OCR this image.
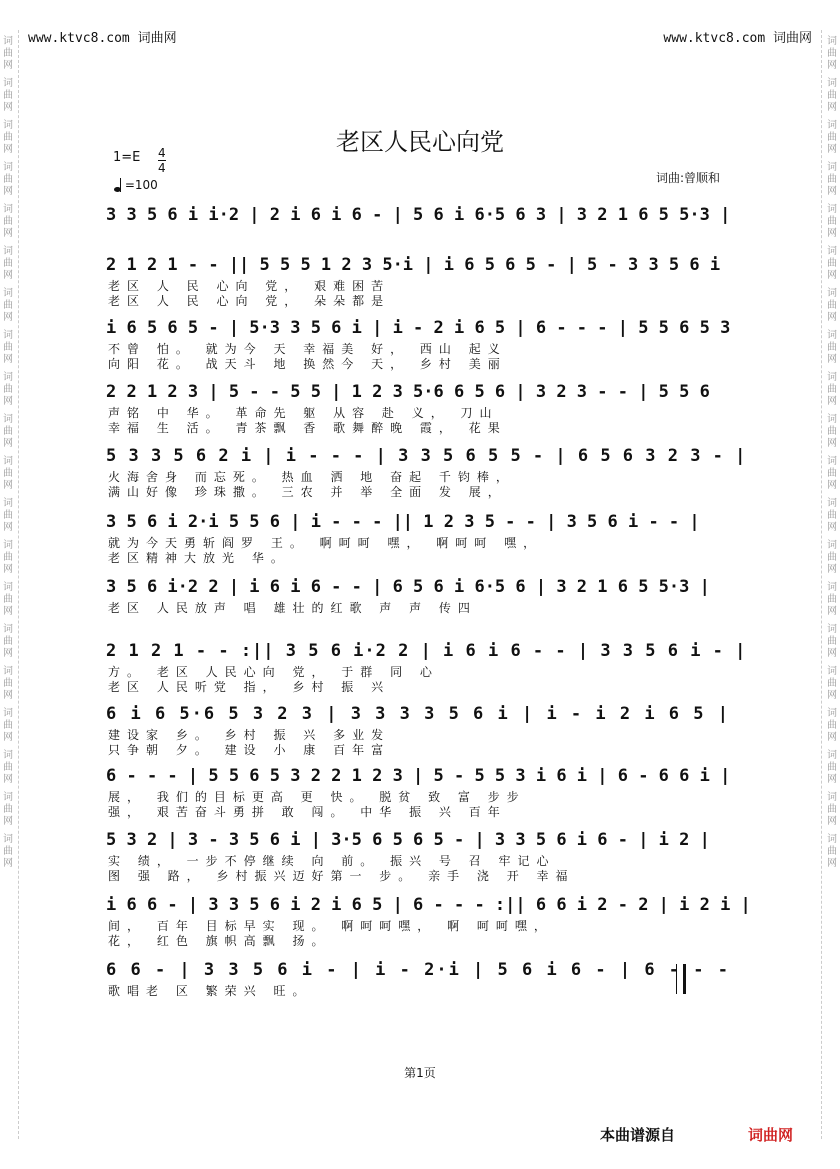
www.ktvc8.com 词曲网	www.ktvc8.com 词曲网
词曲网
词曲网
词曲网
词曲网
词曲网
词曲网
词曲网
词曲网
词曲网
词曲网
词曲网
词曲网
词曲网
词曲网
词曲网
词曲网
词曲网
词曲网
词曲网
词曲网
词曲网
词曲网
词曲网
词曲网
词曲网
词曲网
词曲网
词曲网
词曲网
词曲网
词曲网
词曲网
词曲网
词曲网
词曲网
词曲网
词曲网
词曲网
词曲网
词曲网
老区人民心向党
1=E 4
4
=100	词曲:曾顺和
3 3 5 6 i i·2 | 2 i 6 i 6 - | 5 6 i 6·5 6 3 | 3 2 1 6 5 5·3 |
2 1 2 1 - - || 5 5 5 1 2 3 5·i | i 6 5 6 5 - | 5 - 3 3 5 6 i
老区 人 民 心向 党， 艰难困苦
老区 人 民 心向 党， 朵朵都是
i 6 5 6 5 - | 5·3 3 5 6 i | i - 2 i 6 5 | 6 - - - | 5 5 6 5 3
不曾 怕。 就为今 天 幸福美 好， 西山 起义
向阳 花。 战天斗 地 换然今 天， 乡村 美丽
2 2 1 2 3 | 5 - - 5 5 | 1 2 3 5·6 6 5 6 | 3 2 3 - - | 5 5 6
声铭 中 华。 革命先 躯 从容 赴 义， 刀山
幸福 生 活。 青茶飘 香 歌舞醉晚 霞， 花果
5 3 3 5 6 2 i | i - - - | 3 3 5 6 5 5 - | 6 5 6 3 2 3 - |
火海舍身 而忘死。 热血 洒 地 奋起 千钧棒，
满山好像 珍珠撒。 三农 并 举 全面 发 展，
3 5 6 i 2·i 5 5 6 | i - - - || 1 2 3 5 - - | 3 5 6 i - - |
就为今天勇斩阎罗 王。 啊呵呵 嘿， 啊呵呵 嘿，
老区精神大放光 华。
3 5 6 i·2 2 | i 6 i 6 - - | 6 5 6 i 6·5 6 | 3 2 1 6 5 5·3 |
老区 人民放声 唱 雄壮的红歌 声 声 传四
2 1 2 1 - - :|| 3 5 6 i·2 2 | i 6 i 6 - - | 3 3 5 6 i - |
方。 老区 人民心向 党， 于群 同 心
老区 人民听党 指， 乡村 振 兴
6 i 6 5·6 5 3 2 3 | 3 3 3 3 5 6 i | i - i 2 i 6 5 |
建设家 乡。 乡村 振 兴 多业发
只争朝 夕。 建设 小 康 百年富
6 - - - | 5 5 6 5 3 2 2 1 2 3 | 5 - 5 5 3 i 6 i | 6 - 6 6 i |
展， 我们的目标更高 更 快。 脱贫 致 富 步步
强， 艰苦奋斗勇拼 敢 闯。 中华 振 兴 百年
5 3 2 | 3 - 3 5 6 i | 3·5 6 5 6 5 - | 3 3 5 6 i 6 - | i 2 |
实 绩， 一步不停继续 向 前。 振兴 号 召 牢记心
图 强 路， 乡村振兴迈好第一 步。 亲手 浇 开 幸福
i 6 6 - | 3 3 5 6 i 2 i 6 5 | 6 - - - :|| 6 6 i 2 - 2 | i 2 i |
间， 百年 目标早实 现。 啊呵呵嘿， 啊 呵呵嘿，
花， 红色 旗帜高飘 扬。
6 6 - | 3 3 5 6 i - | i - 2·i | 5 6 i 6 - | 6 - - -
歌唱老 区 繁荣兴 旺。
第1页
本曲谱源自	词曲网
